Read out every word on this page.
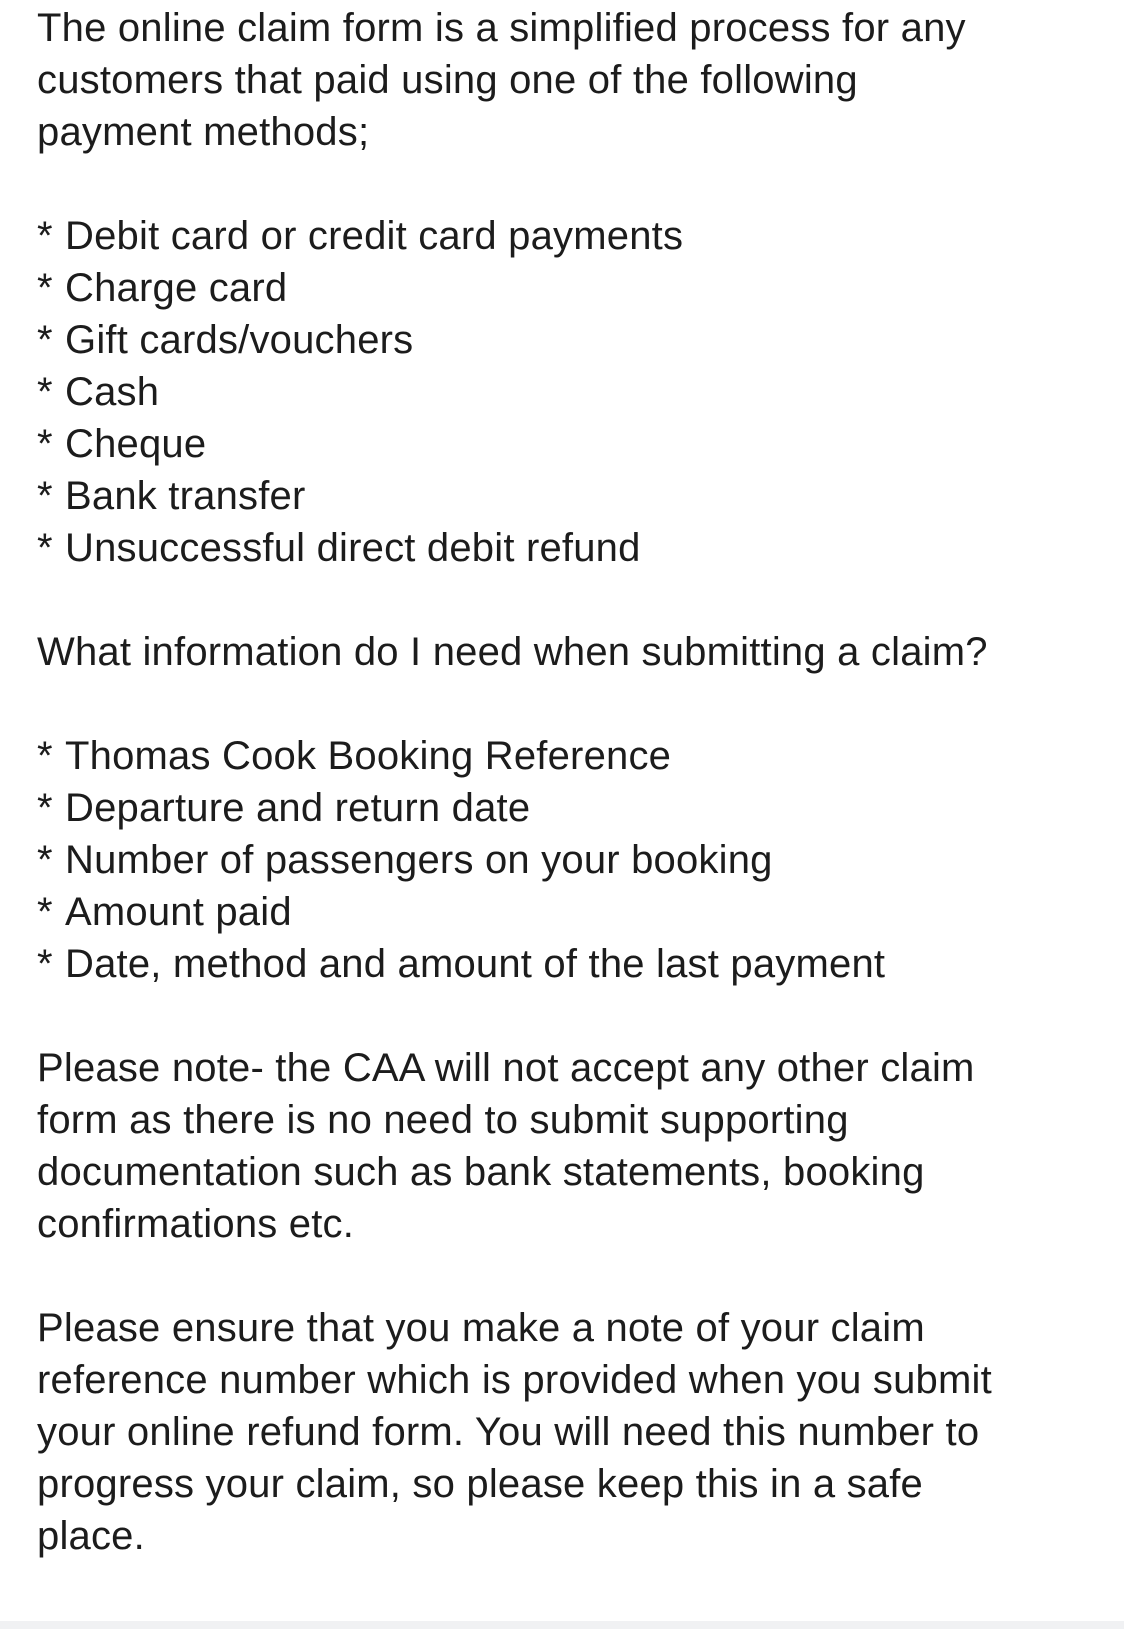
The online claim form is a simplified process for any
customers that paid using one of the following
payment methods;

* Debit card or credit card payments
* Charge card
* Gift cards/vouchers
* Cash
* Cheque
* Bank transfer
* Unsuccessful direct debit refund

What information do I need when submitting a claim?

* Thomas Cook Booking Reference
* Departure and return date
* Number of passengers on your booking
* Amount paid
* Date, method and amount of the last payment

Please note- the CAA will not accept any other claim
form as there is no need to submit supporting
documentation such as bank statements, booking
confirmations etc.

Please ensure that you make a note of your claim
reference number which is provided when you submit
your online refund form. You will need this number to
progress your claim, so please keep this in a safe
place.
